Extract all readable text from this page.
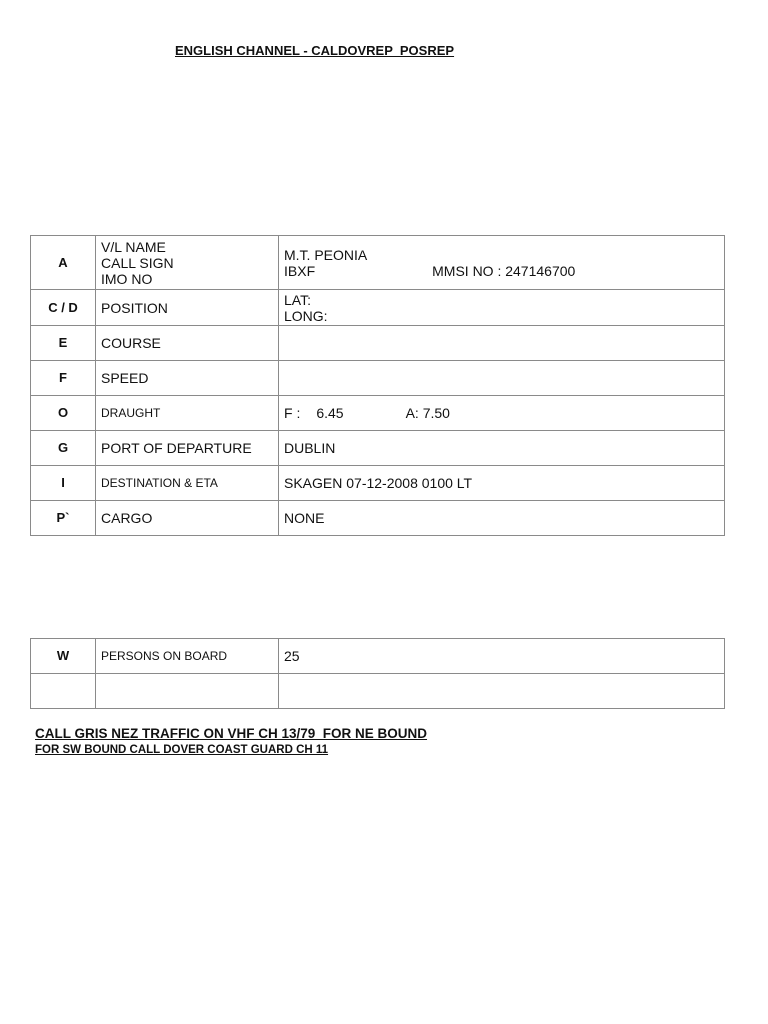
ENGLISH CHANNEL - CALDOVREP  POSREP
A	V/L NAME
CALL SIGN
IMO NO	M.T. PEONIA
IBXF MMSI NO : 247146700

C / D	POSITION	LAT:
LONG:

E	COURSE	
F	SPEED	
O	DRAUGHT	F : 6.45 A: 7.50
G	PORT OF DEPARTURE	DUBLIN
I	DESTINATION & ETA	SKAGEN 07-12-2008 0100 LT
P`	CARGO	NONE
W	PERSONS ON BOARD	25

CALL GRIS NEZ TRAFFIC ON VHF CH 13/79  FOR NE BOUND
FOR SW BOUND CALL DOVER COAST GUARD CH 11
